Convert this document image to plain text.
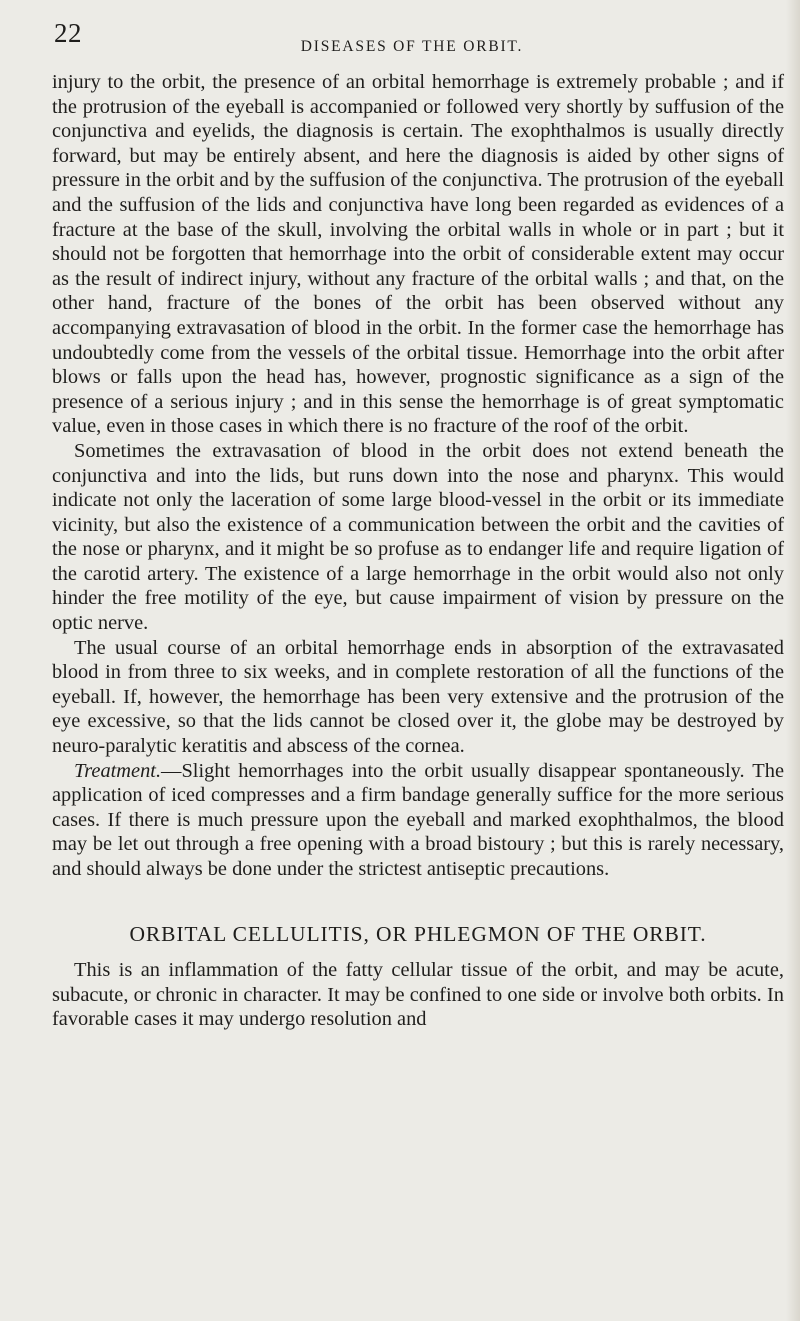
22	DISEASES OF THE ORBIT.

injury to the orbit, the presence of an orbital hemorrhage is extremely probable ; and if the protrusion of the eyeball is accompanied or followed very shortly by suffusion of the conjunctiva and eyelids, the diagnosis is certain. The exophthalmos is usually directly forward, but may be entirely absent, and here the diagnosis is aided by other signs of pressure in the orbit and by the suffusion of the conjunctiva. The protrusion of the eyeball and the suffusion of the lids and conjunctiva have long been regarded as evidences of a fracture at the base of the skull, involving the orbital walls in whole or in part ; but it should not be forgotten that hemorrhage into the orbit of considerable extent may occur as the result of indirect injury, without any fracture of the orbital walls ; and that, on the other hand, fracture of the bones of the orbit has been observed without any accompanying extravasation of blood in the orbit. In the former case the hemorrhage has undoubtedly come from the vessels of the orbital tissue. Hemorrhage into the orbit after blows or falls upon the head has, however, prognostic significance as a sign of the presence of a serious injury ; and in this sense the hemorrhage is of great symptomatic value, even in those cases in which there is no fracture of the roof of the orbit.

Sometimes the extravasation of blood in the orbit does not extend beneath the conjunctiva and into the lids, but runs down into the nose and pharynx. This would indicate not only the laceration of some large blood-vessel in the orbit or its immediate vicinity, but also the existence of a communication between the orbit and the cavities of the nose or pharynx, and it might be so profuse as to endanger life and require ligation of the carotid artery. The existence of a large hemorrhage in the orbit would also not only hinder the free motility of the eye, but cause impairment of vision by pressure on the optic nerve.

The usual course of an orbital hemorrhage ends in absorption of the extravasated blood in from three to six weeks, and in complete restoration of all the functions of the eyeball. If, however, the hemorrhage has been very extensive and the protrusion of the eye excessive, so that the lids cannot be closed over it, the globe may be destroyed by neuro-paralytic keratitis and abscess of the cornea.

Treatment.—Slight hemorrhages into the orbit usually disappear spontaneously. The application of iced compresses and a firm bandage generally suffice for the more serious cases. If there is much pressure upon the eyeball and marked exophthalmos, the blood may be let out through a free opening with a broad bistoury ; but this is rarely necessary, and should always be done under the strictest antiseptic precautions.

ORBITAL CELLULITIS, OR PHLEGMON OF THE ORBIT.

This is an inflammation of the fatty cellular tissue of the orbit, and may be acute, subacute, or chronic in character. It may be confined to one side or involve both orbits. In favorable cases it may undergo resolution and
